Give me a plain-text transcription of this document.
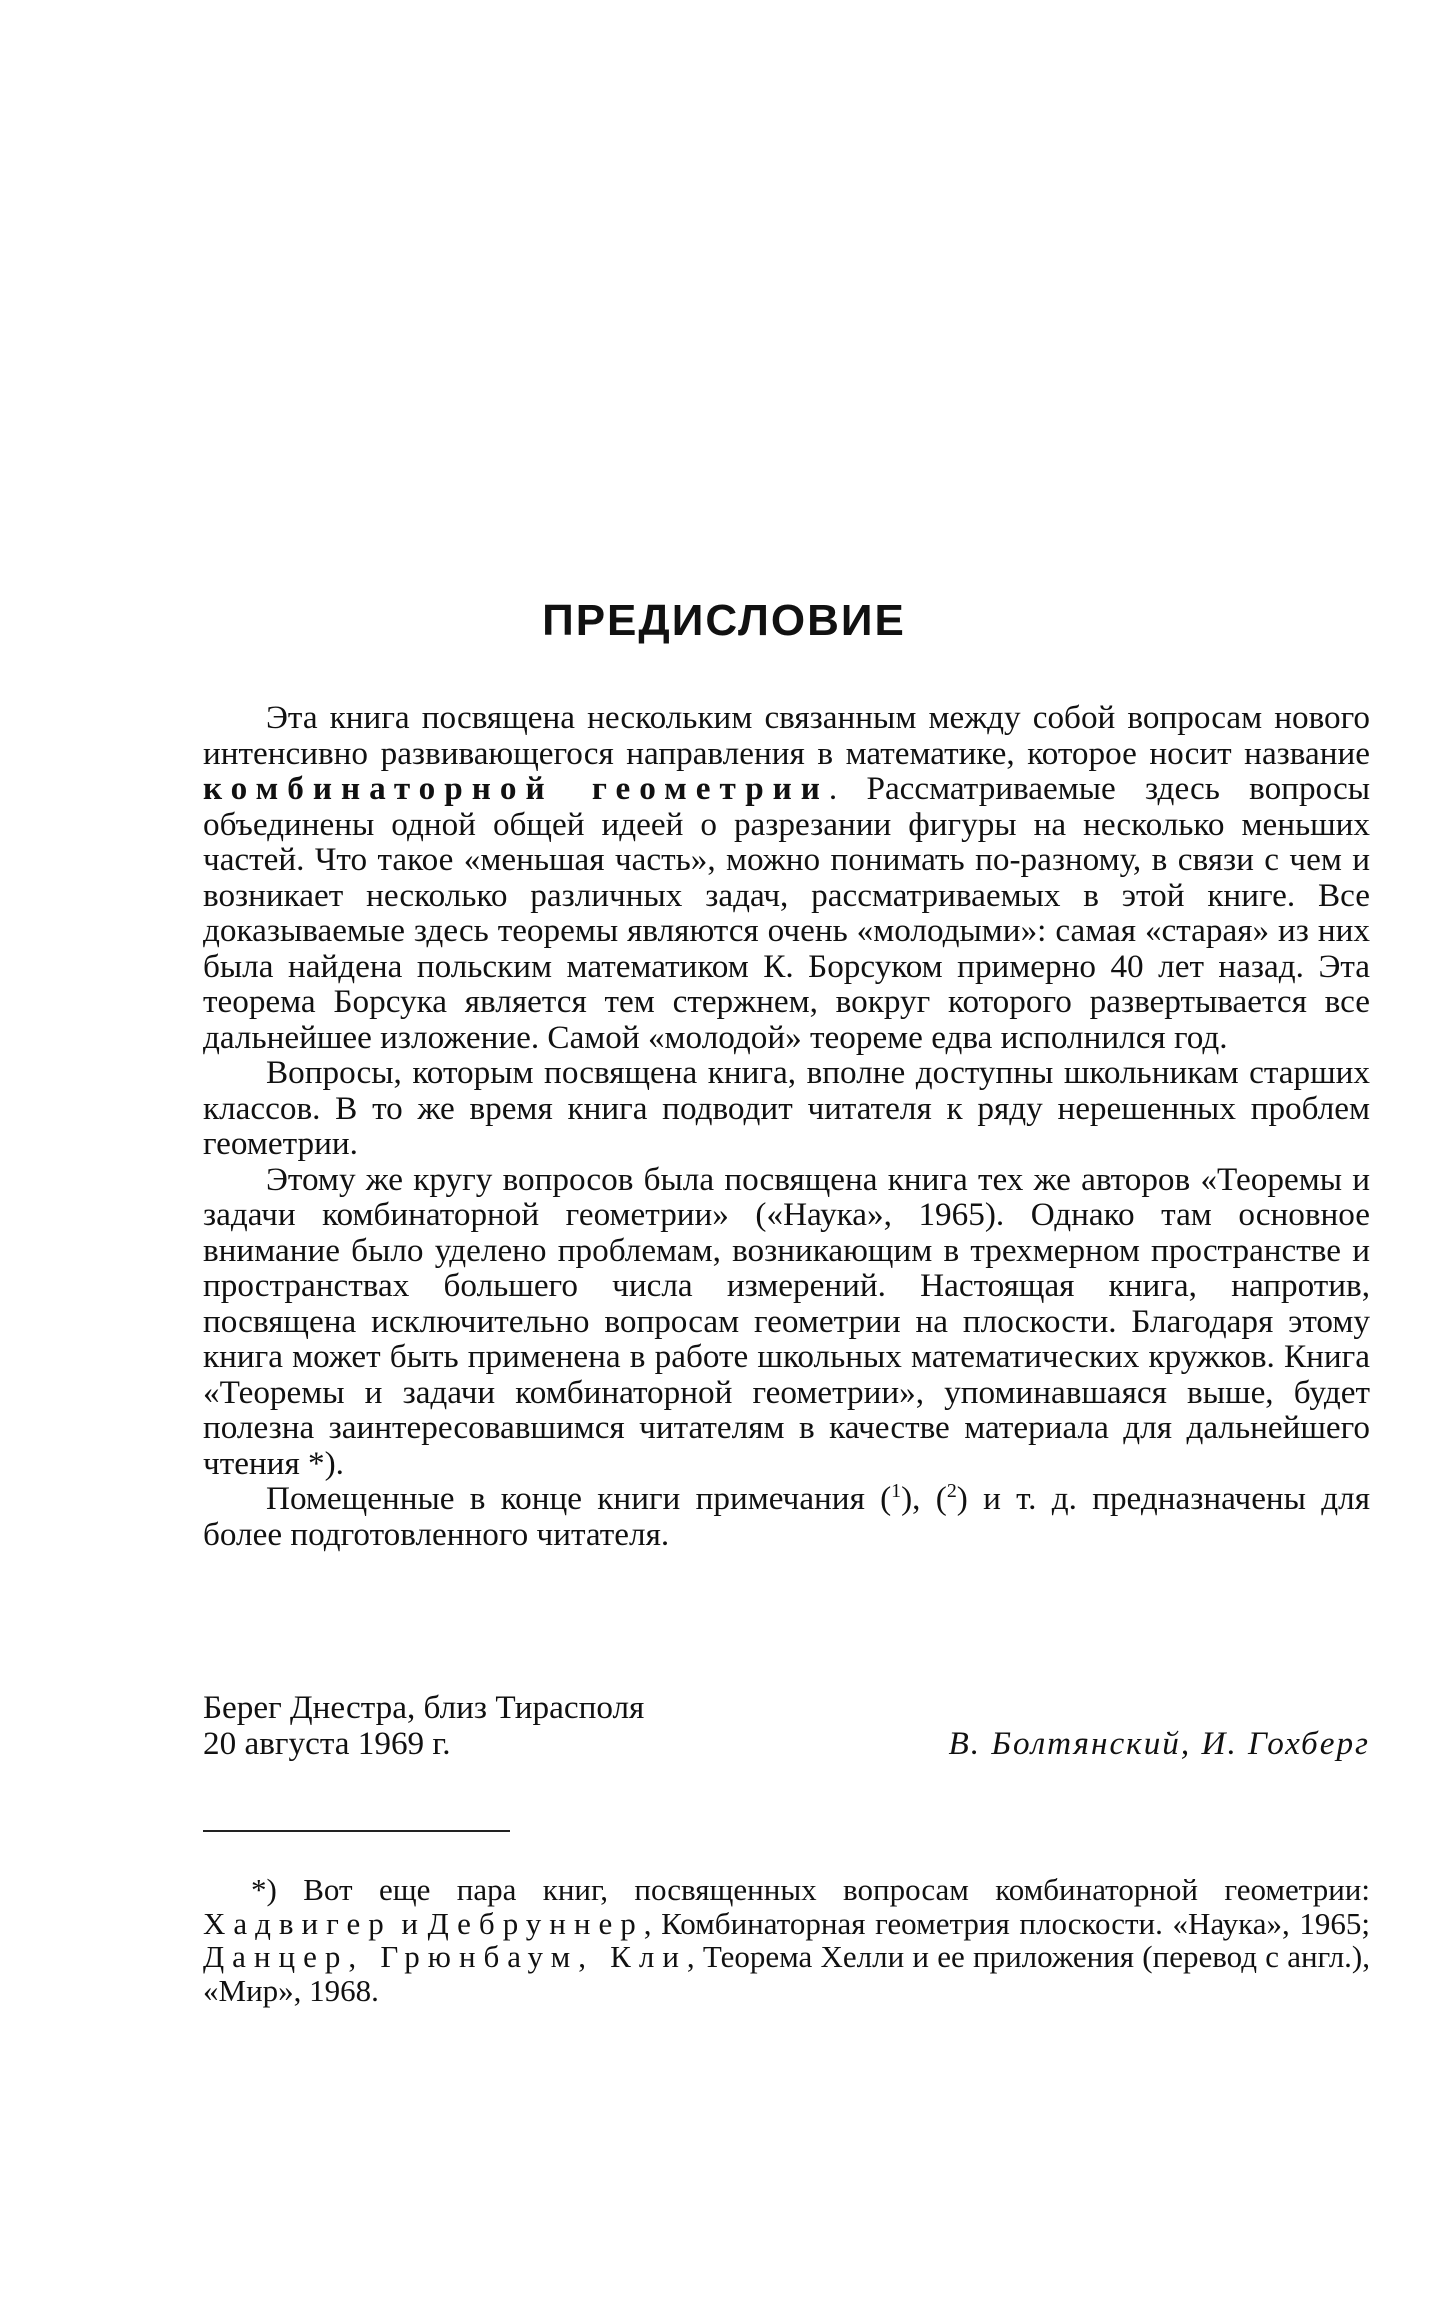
ПРЕДИСЛОВИЕ

Эта книга посвящена нескольким связанным между собой вопросам нового интенсивно развивающегося направления в математике, которое носит название комбинаторной геометрии. Рассматриваемые здесь вопросы объединены одной общей идеей о разрезании фигуры на несколько меньших частей. Что такое «меньшая часть», можно понимать по-разному, в связи с чем и возникает несколько различных задач, рассматриваемых в этой книге. Все доказываемые здесь теоремы являются очень «молодыми»: самая «старая» из них была найдена польским математиком К. Борсуком примерно 40 лет назад. Эта теорема Борсука является тем стержнем, вокруг которого развертывается все дальнейшее изложение. Самой «молодой» теореме едва исполнился год.

Вопросы, которым посвящена книга, вполне доступны школьникам старших классов. В то же время книга подводит читателя к ряду нерешенных проблем геометрии.

Этому же кругу вопросов была посвящена книга тех же авторов «Теоремы и задачи комбинаторной геометрии» («Наука», 1965). Однако там основное внимание было уделено проблемам, возникающим в трехмерном пространстве и пространствах большего числа измерений. Настоящая книга, напротив, посвящена исключительно вопросам геометрии на плоскости. Благодаря этому книга может быть применена в работе школьных математических кружков. Книга «Теоремы и задачи комбинаторной геометрии», упоминавшаяся выше, будет полезна заинтересовавшимся читателям в качестве материала для дальнейшего чтения *).

Помещенные в конце книги примечания ($^1$), ($^2$) и т. д. предназначены для более подготовленного читателя.

Берег Днестра, близ Тирасполя
20 августа 1969 г.	В. Болтянский, И. Гохберг

*) Вот еще пара книг, посвященных вопросам комбинаторной геометрии: Хадвигер и Дебруннер, Комбинаторная геометрия плоскости. «Наука», 1965; Данцер, Грюнбаум, Кли, Теорема Хелли и ее приложения (перевод с англ.), «Мир», 1968.
